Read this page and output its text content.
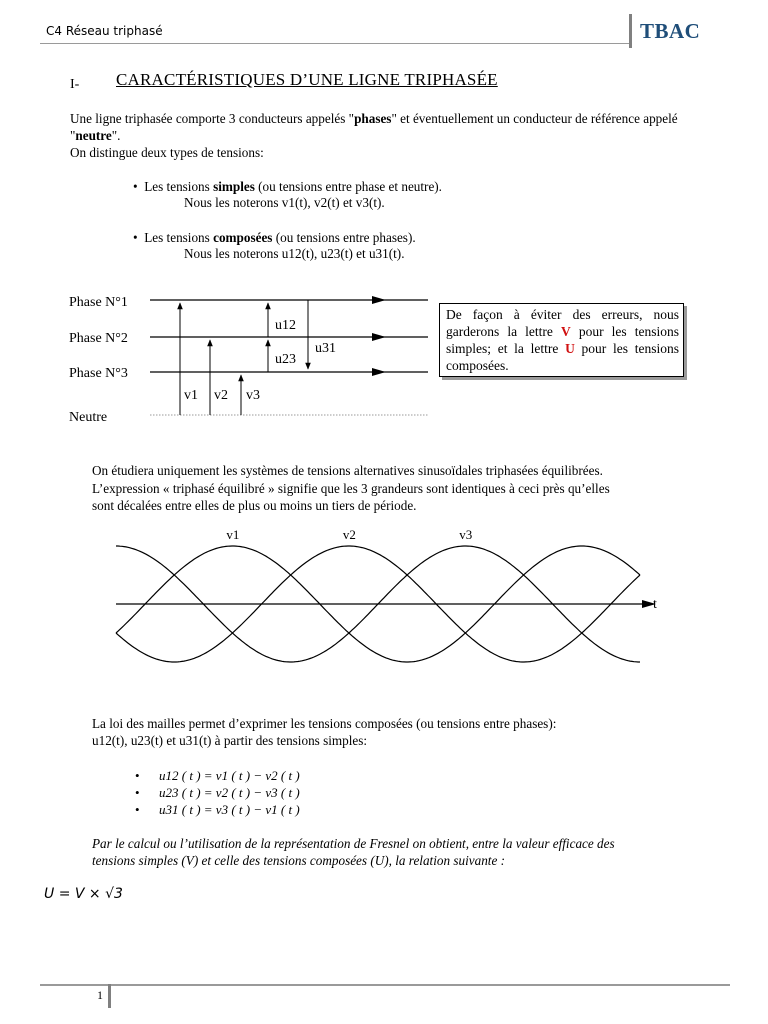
C4 Réseau triphasé	TBAC
I- CARACTÉRISTIQUES D’UNE LIGNE TRIPHASÉE
Une ligne triphasée comporte 3 conducteurs appelés "phases" et éventuellement un conducteur de référence appelé "neutre".
On distingue deux types de tensions:
•  Les tensions simples (ou tensions entre phase et neutre).
Nous les noterons v1(t), v2(t) et v3(t).
•  Les tensions composées (ou tensions entre phases).
Nous les noterons u12(t), u23(t) et u31(t).
Phase N°1
Phase N°2
Phase N°3
Neutre
u12
u23
u31
v1 v2 v3
De façon à éviter des erreurs, nous garderons la lettre V pour les tensions simples; et la lettre U pour les tensions composées.
On étudiera uniquement les systèmes de tensions alternatives sinusoïdales triphasées équilibrées.
L’expression « triphasé équilibré » signifie que les 3 grandeurs sont identiques à ceci près qu’elles
sont décalées entre elles de plus ou moins un tiers de période.
t
v1	v2	v3
La loi des mailles permet d’exprimer les tensions composées (ou tensions entre phases):
u12(t), u23(t) et u31(t) à partir des tensions simples:
• u12 ( t ) = v1 ( t ) − v2 ( t )
• u23 ( t ) = v2 ( t ) − v3 ( t )
• u31 ( t ) = v3 ( t ) − v1 ( t )
Par le calcul ou l’utilisation de la représentation de Fresnel on obtient, entre la valeur efficace des
tensions simples (V) et celle des tensions composées (U), la relation suivante :
U = V × √3
1
